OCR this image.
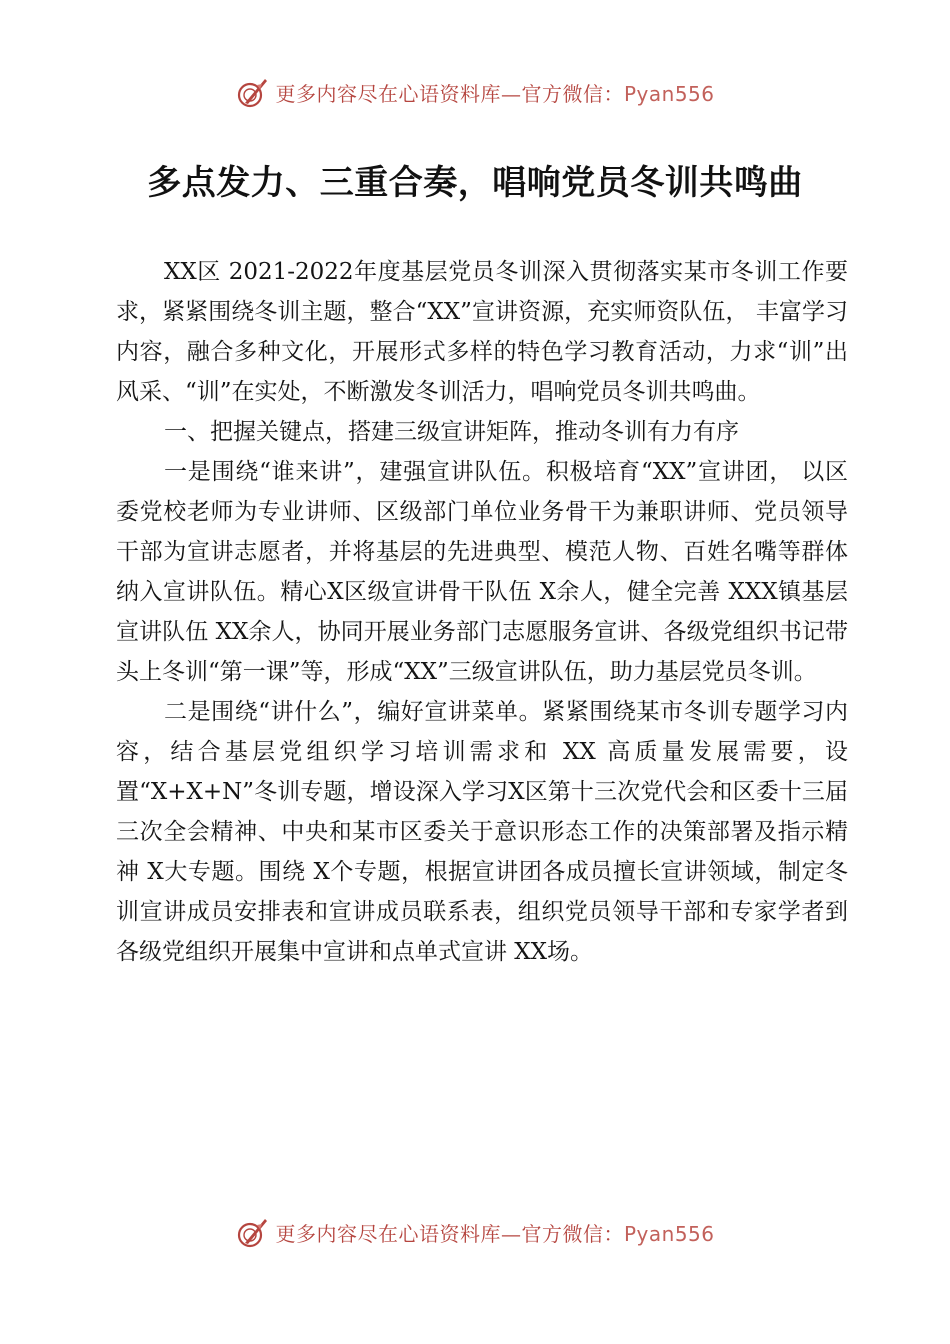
更多内容尽在心语资料库—官方微信：Pyan556
多点发力、三重合奏，唱响党员冬训共鸣曲

XX区 2021-2022年度基层党员冬训深入贯彻落实某市冬训工作要求，紧紧围绕冬训主题，整合“XX”宣讲资源，充实师资队伍， 丰富学习内容，融合多种文化，开展形式多样的特色学习教育活动，力求“训”出风采、“训”在实处，不断激发冬训活力，唱响党员冬训共鸣曲。

一、把握关键点，搭建三级宣讲矩阵，推动冬训有力有序

一是围绕“谁来讲”，建强宣讲队伍。积极培育“XX”宣讲团， 以区委党校老师为专业讲师、区级部门单位业务骨干为兼职讲师、党员领导干部为宣讲志愿者，并将基层的先进典型、模范人物、百姓名嘴等群体纳入宣讲队伍。精心X区级宣讲骨干队伍 X余人，健全完善 XXX镇基层宣讲队伍 XX余人，协同开展业务部门志愿服务宣讲、各级党组织书记带头上冬训“第一课”等，形成“XX”三级宣讲队伍，助力基层党员冬训。

二是围绕“讲什么”，编好宣讲菜单。紧紧围绕某市冬训专题学习内容，结合基层党组织学习培训需求和 XX 高质量发展需要，设置“X+X+N”冬训专题，增设深入学习X区第十三次党代会和区委十三届三次全会精神、中央和某市区委关于意识形态工作的决策部署及指示精神 X大专题。围绕 X个专题，根据宣讲团各成员擅长宣讲领域，制定冬训宣讲成员安排表和宣讲成员联系表，组织党员领导干部和专家学者到各级党组织开展集中宣讲和点单式宣讲 XX场。

更多内容尽在心语资料库—官方微信：Pyan556
